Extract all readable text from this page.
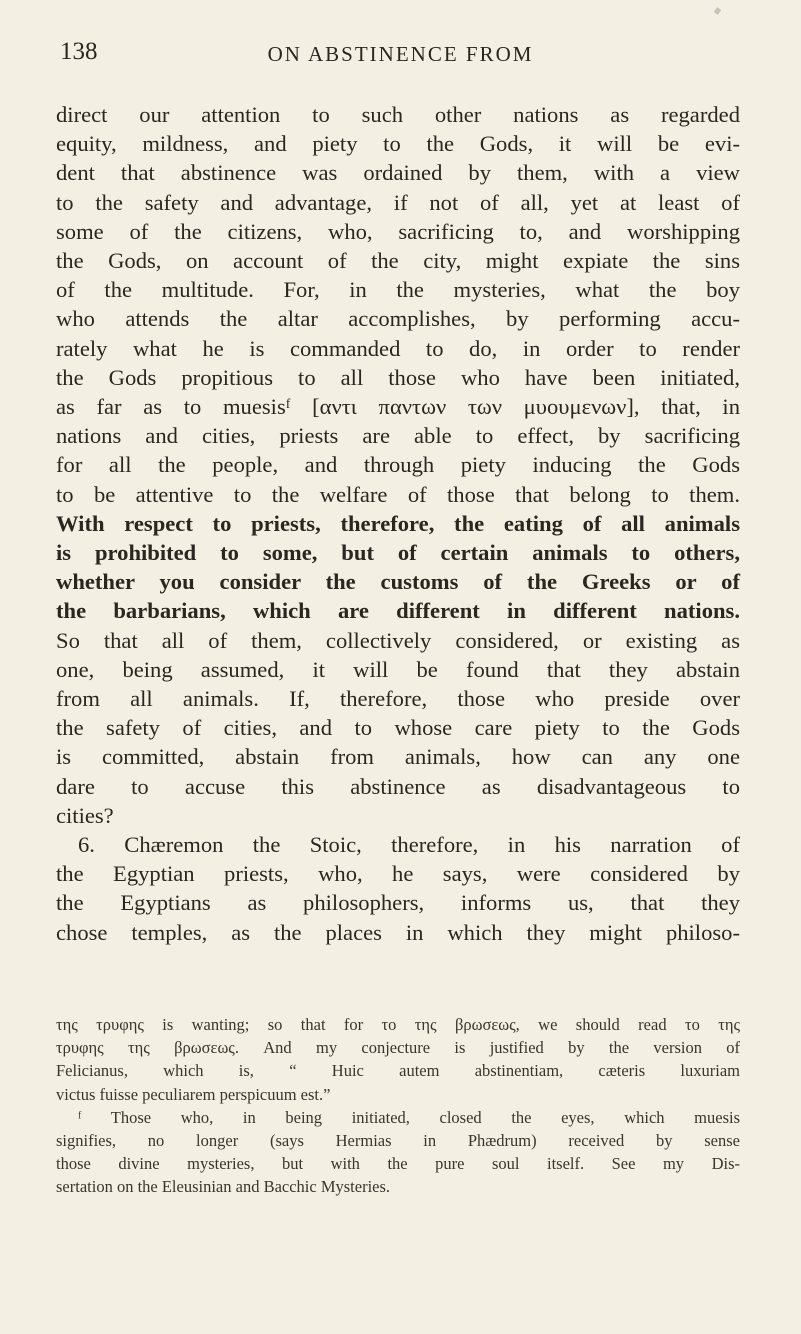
138	ON ABSTINENCE FROM
direct our attention to such other nations as regarded
equity, mildness, and piety to the Gods, it will be evi-
dent that abstinence was ordained by them, with a view
to the safety and advantage, if not of all, yet at least of
some of the citizens, who, sacrificing to, and worshipping
the Gods, on account of the city, might expiate the sins
of the multitude. For, in the mysteries, what the boy
who attends the altar accomplishes, by performing accu-
rately what he is commanded to do, in order to render
the Gods propitious to all those who have been initiated,
as far as to muesisᶠ [αντι παντων των μυουμενων], that, in
nations and cities, priests are able to effect, by sacrificing
for all the people, and through piety inducing the Gods
to be attentive to the welfare of those that belong to them.
With respect to priests, therefore, the eating of all animals
is prohibited to some, but of certain animals to others,
whether you consider the customs of the Greeks or of
the barbarians, which are different in different nations.
So that all of them, collectively considered, or existing as
one, being assumed, it will be found that they abstain
from all animals. If, therefore, those who preside over
the safety of cities, and to whose care piety to the Gods
is committed, abstain from animals, how can any one
dare to accuse this abstinence as disadvantageous to
cities?
6. Chæremon the Stoic, therefore, in his narration of
the Egyptian priests, who, he says, were considered by
the Egyptians as philosophers, informs us, that they
chose temples, as the places in which they might philoso-
της τρυφης is wanting; so that for το της βρωσεως, we should read το της
τρυφης της βρωσεως. And my conjecture is justified by the version of
Felicianus, which is, “ Huic autem abstinentiam, cæteris luxuriam
victus fuisse peculiarem perspicuum est.”
ᶠ Those who, in being initiated, closed the eyes, which muesis
signifies, no longer (says Hermias in Phædrum) received by sense
those divine mysteries, but with the pure soul itself. See my Dis-
sertation on the Eleusinian and Bacchic Mysteries.
